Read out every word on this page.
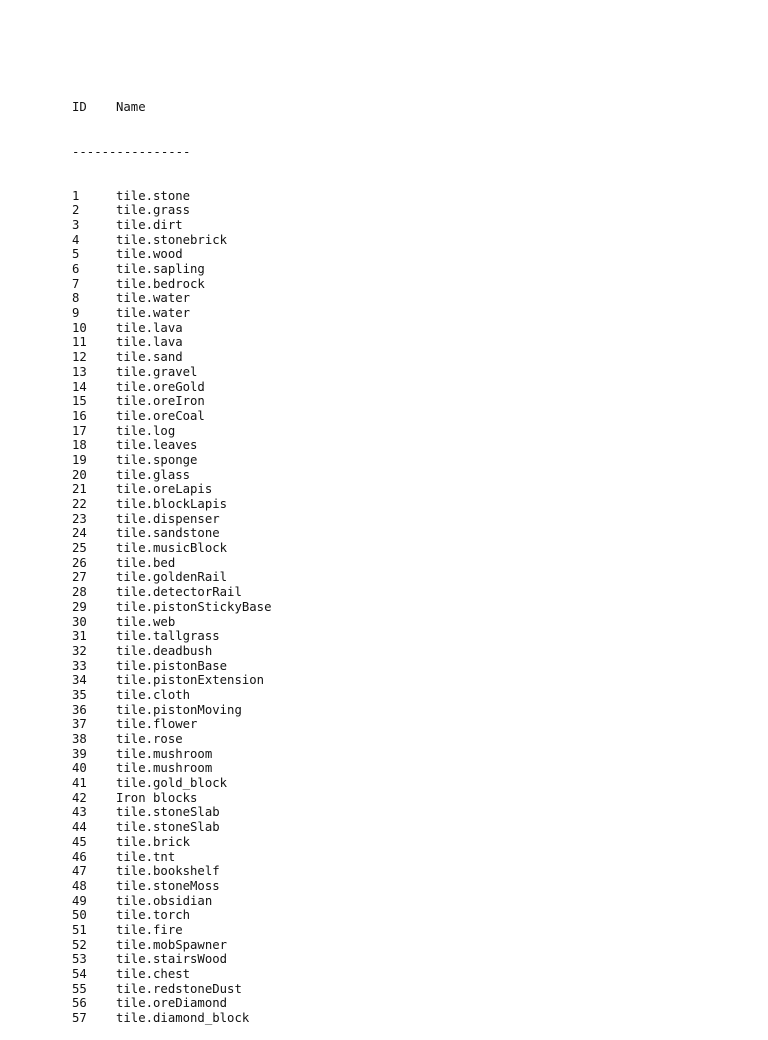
ID	Name

----------------

1	tile.stone
2	tile.grass
3	tile.dirt
4	tile.stonebrick
5	tile.wood
6	tile.sapling
7	tile.bedrock
8	tile.water
9	tile.water
10	tile.lava
11	tile.lava
12	tile.sand
13	tile.gravel
14	tile.oreGold
15	tile.oreIron
16	tile.oreCoal
17	tile.log
18	tile.leaves
19	tile.sponge
20	tile.glass
21	tile.oreLapis
22	tile.blockLapis
23	tile.dispenser
24	tile.sandstone
25	tile.musicBlock
26	tile.bed
27	tile.goldenRail
28	tile.detectorRail
29	tile.pistonStickyBase
30	tile.web
31	tile.tallgrass
32	tile.deadbush
33	tile.pistonBase
34	tile.pistonExtension
35	tile.cloth
36	tile.pistonMoving
37	tile.flower
38	tile.rose
39	tile.mushroom
40	tile.mushroom
41	tile.gold_block
42	Iron blocks
43	tile.stoneSlab
44	tile.stoneSlab
45	tile.brick
46	tile.tnt
47	tile.bookshelf
48	tile.stoneMoss
49	tile.obsidian
50	tile.torch
51	tile.fire
52	tile.mobSpawner
53	tile.stairsWood
54	tile.chest
55	tile.redstoneDust
56	tile.oreDiamond
57	tile.diamond_block
